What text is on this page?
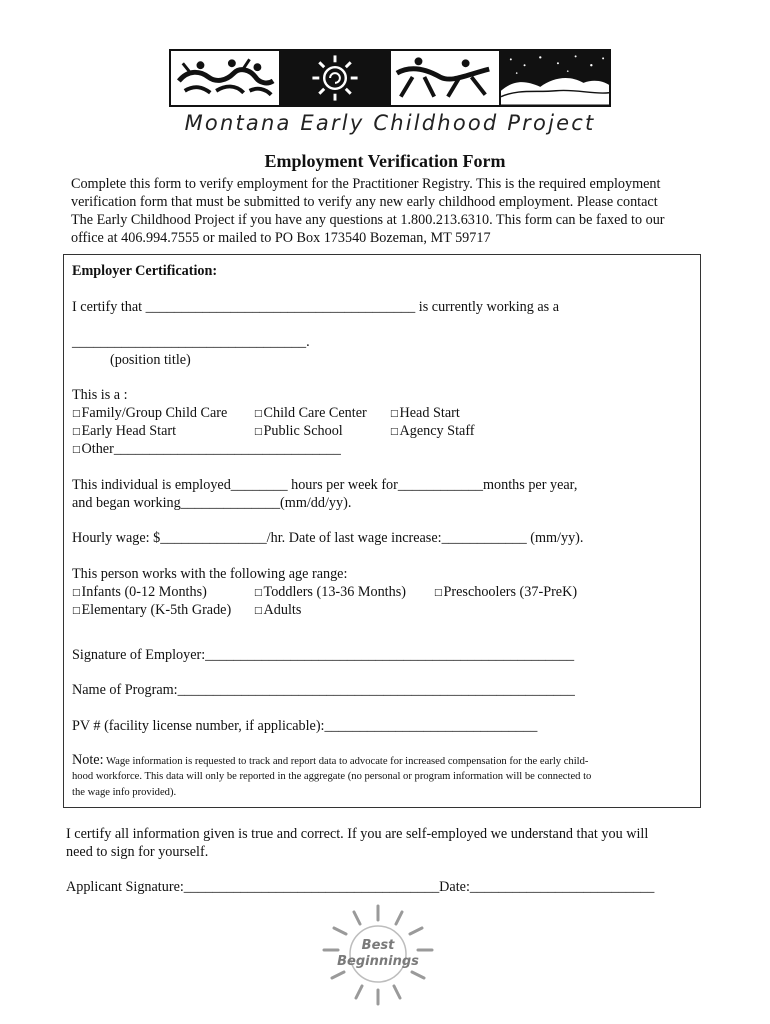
Montana Early Childhood Project
Employment Verification Form

Complete this form to verify employment for the Practitioner Registry. This is the required employment

verification form that must be submitted to verify any new early childhood employment. Please contact

The Early Childhood Project if you have any questions at 1.800.213.6310. This form can be faxed to our

office at 406.994.7555 or mailed to PO Box 173540 Bozeman, MT 59717

Employer Certification:
I certify that ______________________________________ is currently working as a
_________________________________.
(position title)
This is a :
□Family/Group Child Care	□Child Care Center	□Head Start
□Early Head Start	□Public School	□Agency Staff
□Other________________________________
This individual is employed________ hours per week for____________months per year,
and began working______________(mm/dd/yy).
Hourly wage: $_______________/hr. Date of last wage increase:____________ (mm/yy).
This person works with the following age range:
□Infants (0-12 Months)	□Toddlers (13-36 Months)	□Preschoolers (37-PreK)
□Elementary (K-5th Grade)	□Adults
Signature of Employer:____________________________________________________
Name of Program:________________________________________________________
PV # (facility license number, if applicable):______________________________
Note: Wage information is requested to track and report data to advocate for increased compensation for the early child-
hood workforce. This data will only be reported in the aggregate (no personal or program information will be connected to
the wage info provided).
I certify all information given is true and correct. If you are self-employed we understand that you will
need to sign for yourself.
Applicant Signature:____________________________________Date:__________________________
Best
Beginnings
